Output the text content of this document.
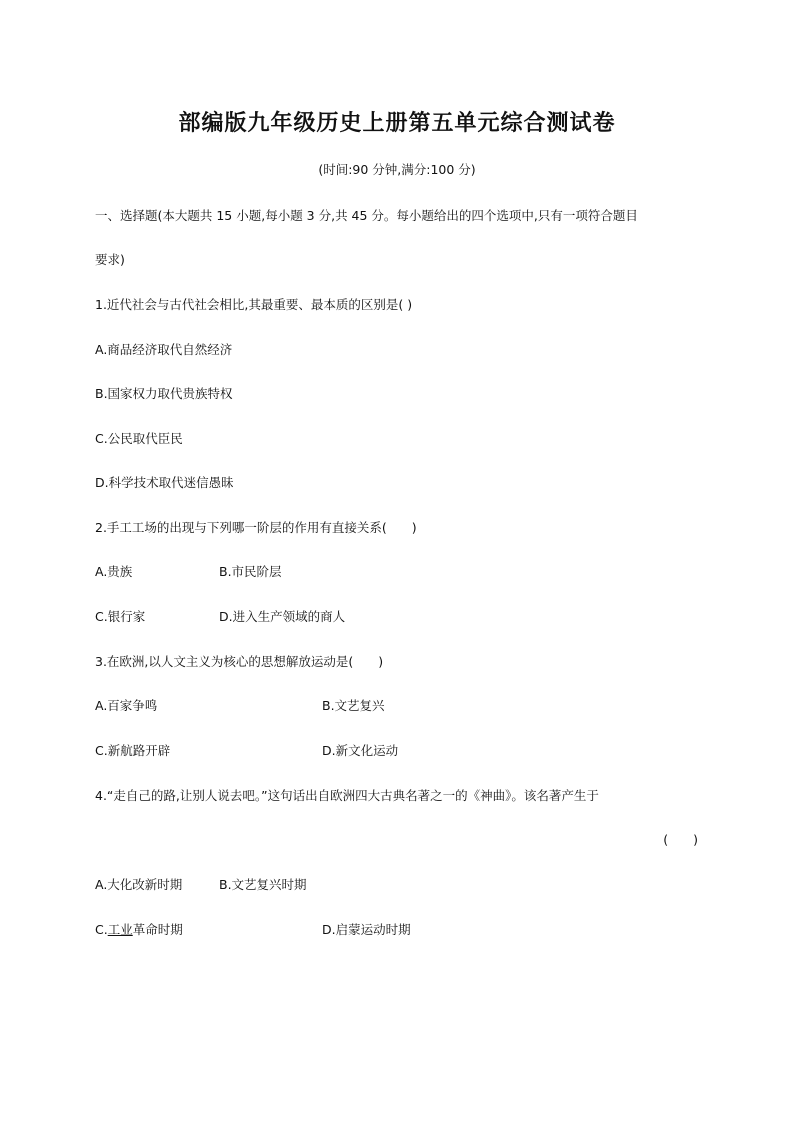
部编版九年级历史上册第五单元综合测试卷
(时间:90 分钟,满分:100 分)
一、选择题(本大题共 15 小题,每小题 3 分,共 45 分。每小题给出的四个选项中,只有一项符合题目
要求)
1.近代社会与古代社会相比,其最重要、最本质的区别是( )
A.商品经济取代自然经济
B.国家权力取代贵族特权
C.公民取代臣民
D.科学技术取代迷信愚昧
2.手工工场的出现与下列哪一阶层的作用有直接关系(　　)
A.贵族	B.市民阶层
C.银行家	D.进入生产领域的商人
3.在欧洲,以人文主义为核心的思想解放运动是(　　)
A.百家争鸣	B.文艺复兴
C.新航路开辟	D.新文化运动
4.“走自己的路,让别人说去吧。”这句话出自欧洲四大古典名著之一的《神曲》。该名著产生于
(　　)
A.大化改新时期	B.文艺复兴时期
C.工业革命时期	D.启蒙运动时期
